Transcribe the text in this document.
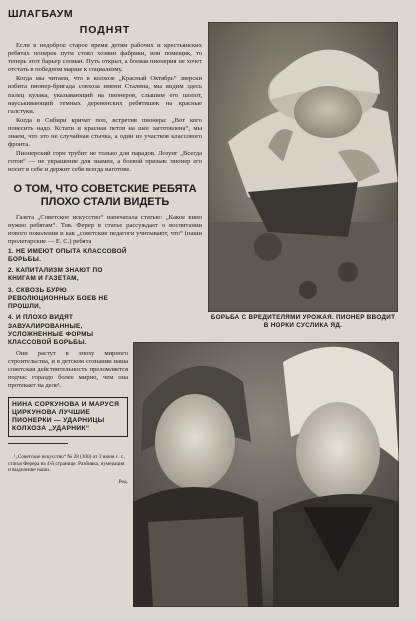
ШЛАГБАУМ

ПОДНЯТ

Если в недоброе старое время детям рабочих и крестьянских ребятах поперек пути стоял хозяин фабрики, или помещик, то теперь этот барьер сломан. Путь открыт, а боевая пионерия не хочет отстать в победном марше к социализму.

Когда мы читаем, что в колхозе „Красный Октябрь“ зверски избита пионер-бригада совхоза имени Сталина, мы видим здесь палец кулака, указывающий на пионеров, слышим его шопот, науськивающий темных деревенских ребятишек на красные галстуки.

Когда в Сибири кричат поп, встретив пионера: „Вот кого повесить надо. Кстати и красная петля на шее заготовлена“, мы знаем, что это не случайная стычка, а один из участков классового фронта.

Пионерский горн трубит не только для парадов. Лозунг „Всегда готов“ — не украшение для знамен, а боевой призыв: пионер его носит в себе и держит себя всегда наготове.

О ТОМ, ЧТО СОВЕТСКИЕ РЕБЯТА ПЛОХО СТАЛИ ВИДЕТЬ

Газета „Советское искусство“ напечатала статью: „Какое кино нужно ребятам“. Тов. Ферер в статье рассуждает о воспитании нового поколения и как „советские педагоги учитывают, что“ (наши пролетарские — Е. С.) ребята

1. НЕ ИМЕЮТ ОПЫТА КЛАССОВОЙ БОРЬБЫ.
2. КАПИТАЛИЗМ ЗНАЮТ ПО КНИГАМ И ГАЗЕТАМ,
3. СКВОЗЬ БУРЮ РЕВОЛЮЦИОННЫХ БОЕВ НЕ ПРОШЛИ,
4. И ПЛОХО ВИДЯТ ЗАВУАЛИРОВАННЫЕ, УСЛОЖНЕННЫЕ ФОРМЫ КЛАССОВОЙ БОРЬБЫ.

Они растут в эпоху мирного строительства, и в детском сознании наша советская действительность преломляется подчас гораздо более мирно, чем она протекает на деле¹.

НИНА СОРКУНОВА И МАРУСЯ ЦИРКУНОВА ЛУЧШИЕ ПИОНЕРКИ — УДАРНИЦЫ КОЛХОЗА „УДАРНИК“

¹„Советское искусство“ № 28 (100) от 3 июня с. г., статья Ферера на 4-й странице. Разбивка, нумерация и выделение наши.

Ред.

БОРЬБА С ВРЕДИТЕЛЯМИ УРОЖАЯ. ПИОНЕР ВВОДИТ В НОРКИ СУСЛИКА ЯД.
